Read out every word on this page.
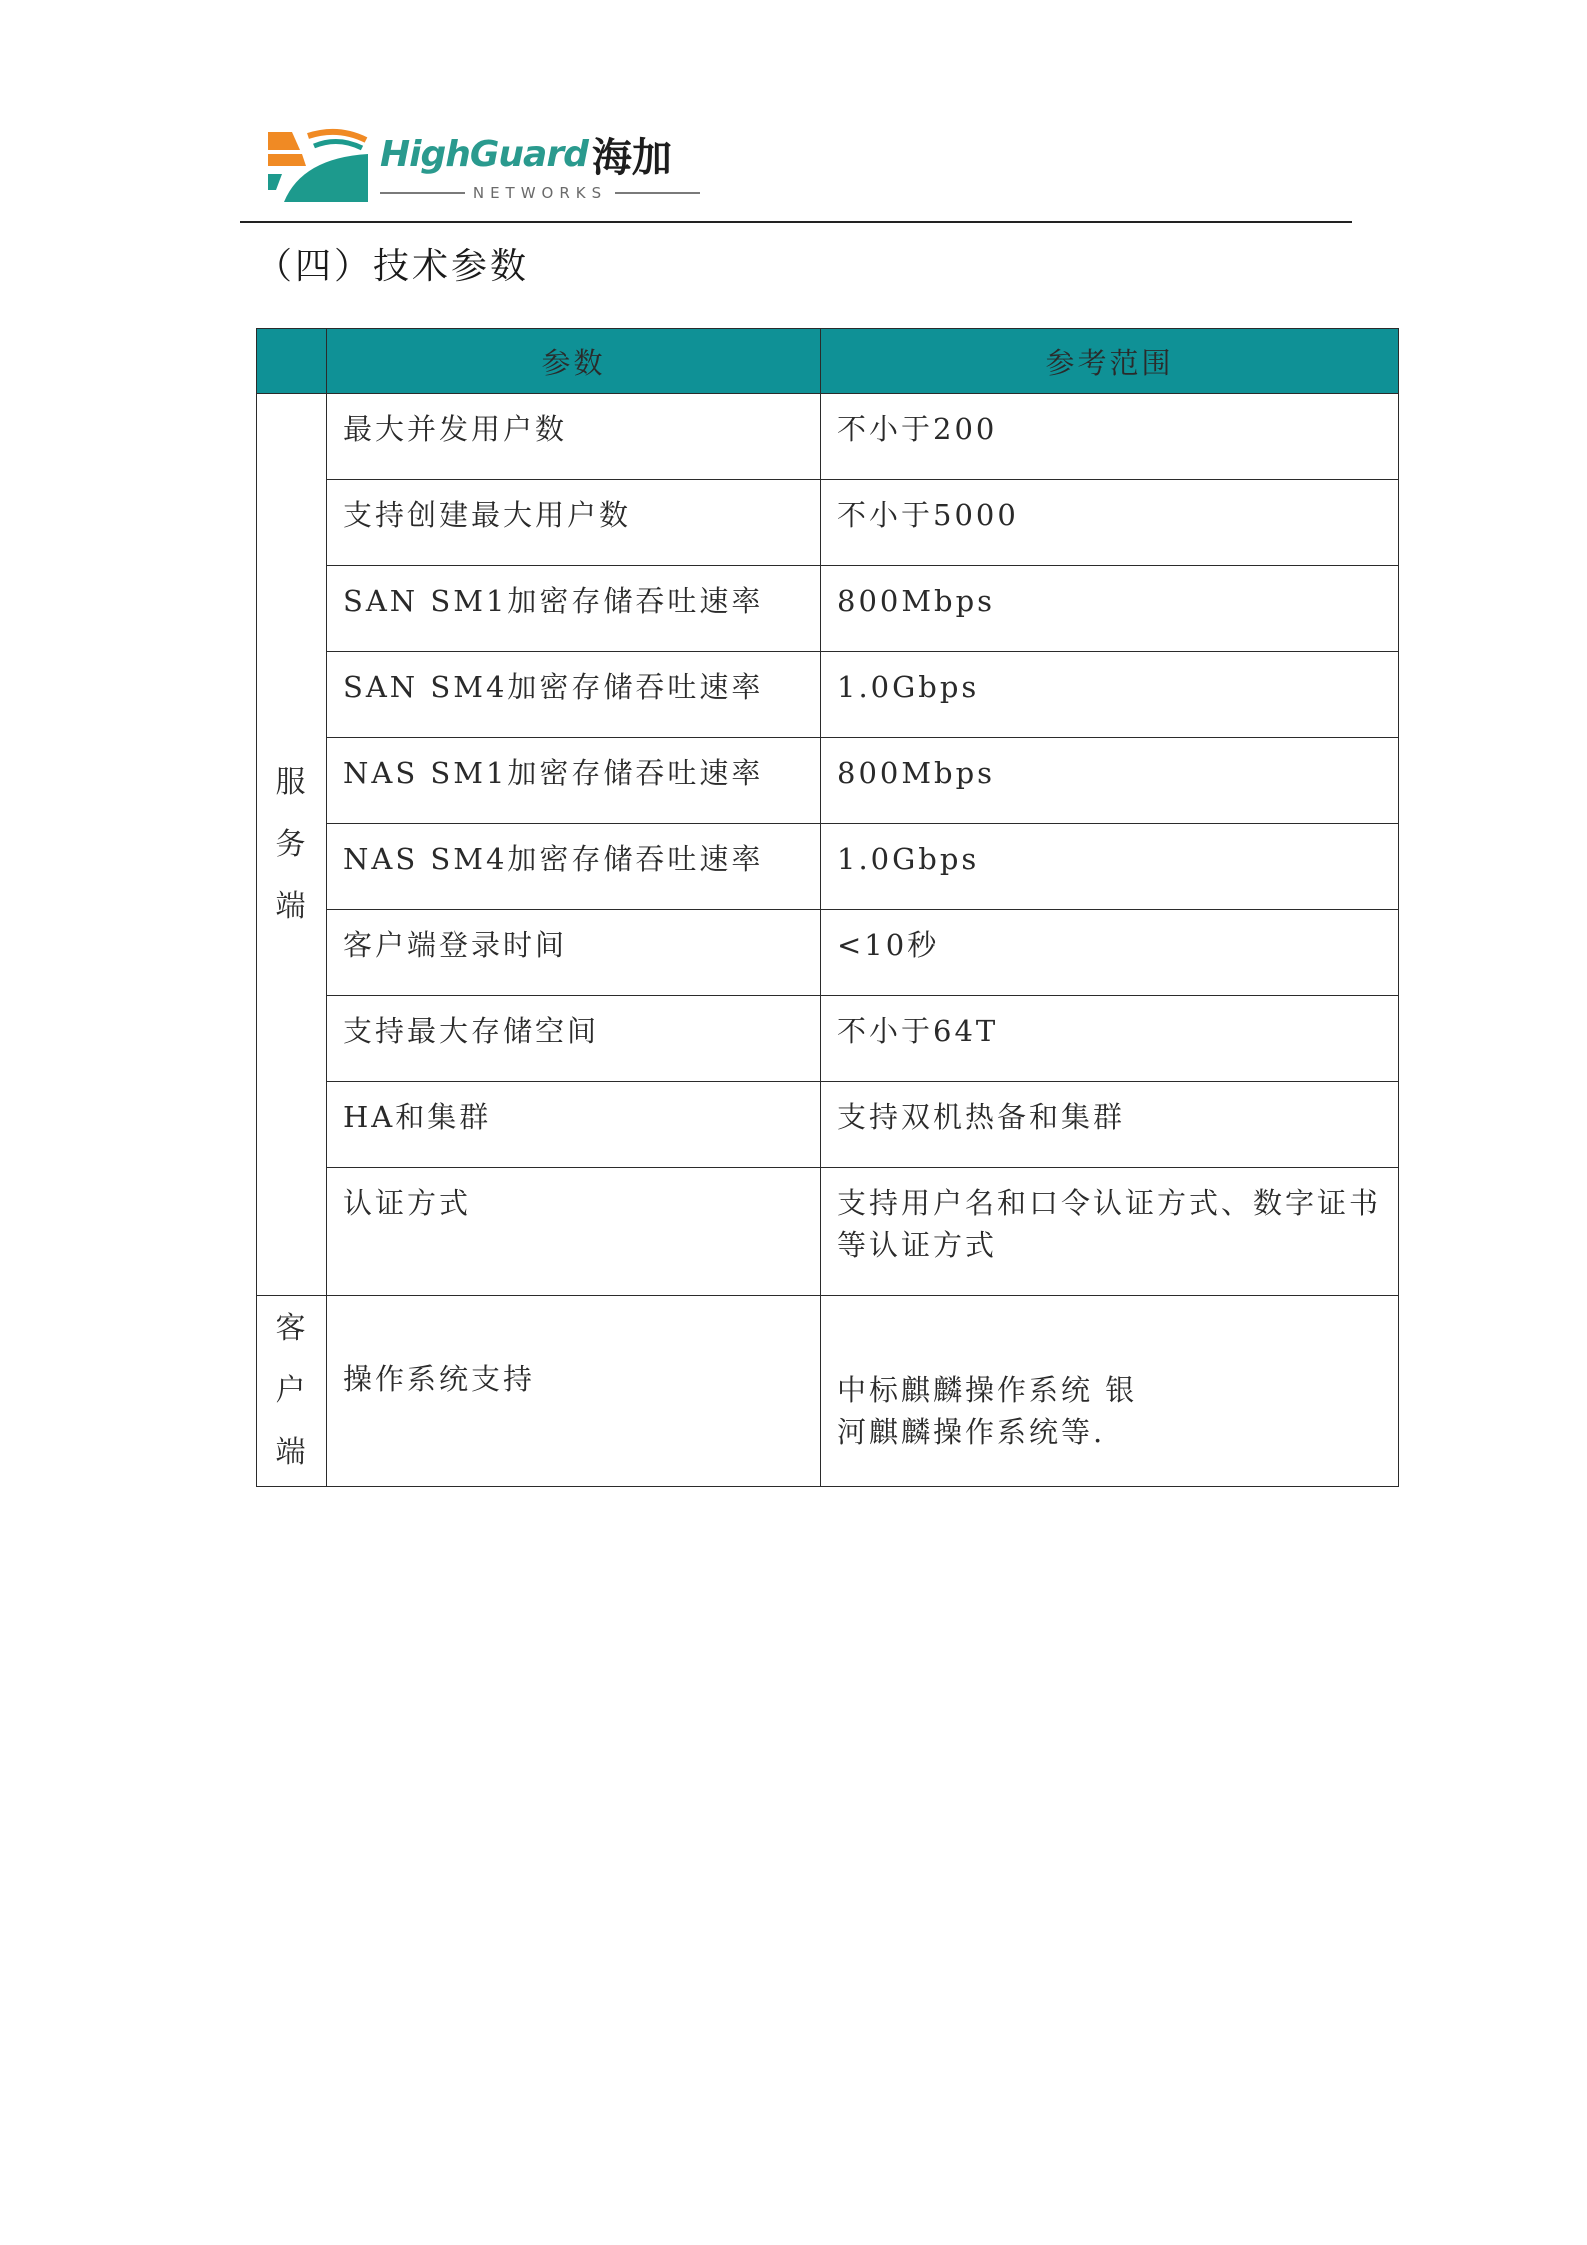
HighGuard 海加
NETWORKS
（四）技术参数
	参数	参考范围
服务端	最大并发用户数	不小于200
	支持创建最大用户数	不小于5000
	SAN SM1加密存储吞吐速率	800Mbps
	SAN SM4加密存储吞吐速率	1.0Gbps
	NAS SM1加密存储吞吐速率	800Mbps
	NAS SM4加密存储吞吐速率	1.0Gbps
	客户端登录时间	<10秒
	支持最大存储空间	不小于64T
	HA和集群	支持双机热备和集群
	认证方式	支持用户名和口令认证方式、数字证书等认证方式
客户端	操作系统支持	中标麒麟操作系统 银河麒麟操作系统等.
